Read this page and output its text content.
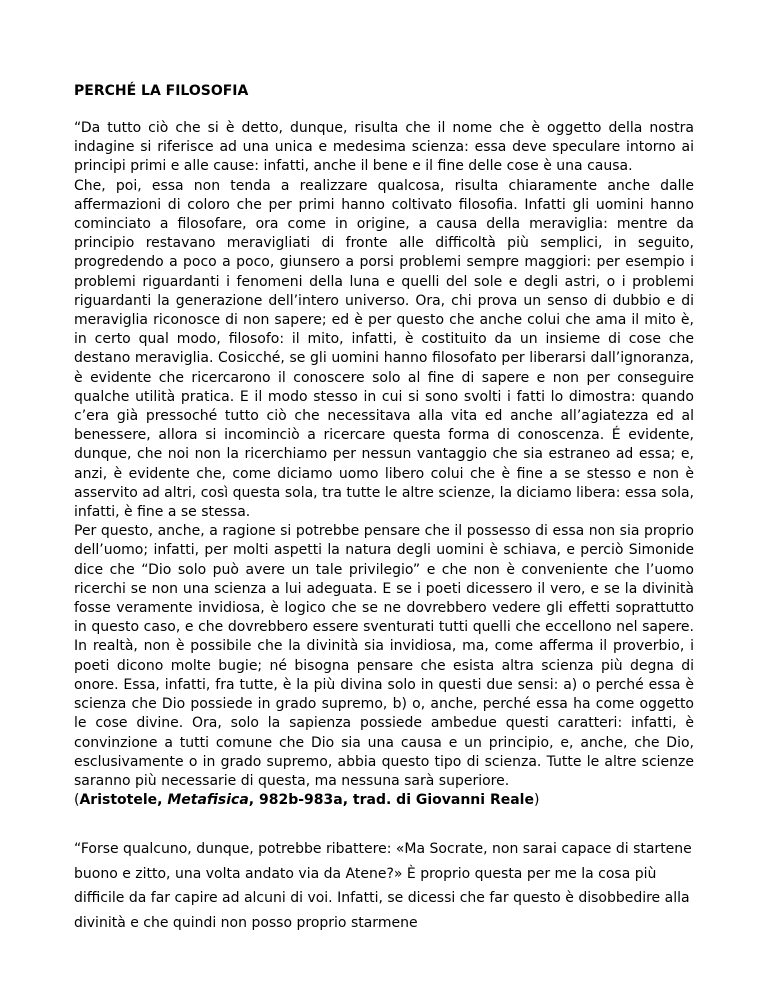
PERCHÉ LA FILOSOFIA

“Da tutto ciò che si è detto, dunque, risulta che il nome che è oggetto della nostra indagine si riferisce ad una unica e medesima scienza: essa deve speculare intorno ai principi primi e alle cause: infatti, anche il bene e il fine delle cose è una causa.

Che, poi, essa non tenda a realizzare qualcosa, risulta chiaramente anche dalle affermazioni di coloro che per primi hanno coltivato filosofia. Infatti gli uomini hanno cominciato a filosofare, ora come in origine, a causa della meraviglia: mentre da principio restavano meravigliati di fronte alle difficoltà più semplici, in seguito, progredendo a poco a poco, giunsero a porsi problemi sempre maggiori: per esempio i problemi riguardanti i fenomeni della luna e quelli del sole e degli astri, o i problemi riguardanti la generazione dell’intero universo. Ora, chi prova un senso di dubbio e di meraviglia riconosce di non sapere; ed è per questo che anche colui che ama il mito è, in certo qual modo, filosofo: il mito, infatti, è costituito da un insieme di cose che destano meraviglia. Cosicché, se gli uomini hanno filosofato per liberarsi dall’ignoranza, è evidente che ricercarono il conoscere solo al fine di sapere e non per conseguire qualche utilità pratica. E il modo stesso in cui si sono svolti i fatti lo dimostra: quando c’era già pressoché tutto ciò che necessitava alla vita ed anche all’agiatezza ed al benessere, allora si incominciò a ricercare questa forma di conoscenza. É evidente, dunque, che noi non la ricerchiamo per nessun vantaggio che sia estraneo ad essa; e, anzi, è evidente che, come diciamo uomo libero colui che è fine a se stesso e non è asservito ad altri, così questa sola, tra tutte le altre scienze, la diciamo libera: essa sola, infatti, è fine a se stessa.

Per questo, anche, a ragione si potrebbe pensare che il possesso di essa non sia proprio dell’uomo; infatti, per molti aspetti la natura degli uomini è schiava, e perciò Simonide dice che “Dio solo può avere un tale privilegio” e che non è conveniente che l’uomo ricerchi se non una scienza a lui adeguata. E se i poeti dicessero il vero, e se la divinità fosse veramente invidiosa, è logico che se ne dovrebbero vedere gli effetti soprattutto in questo caso, e che dovrebbero essere sventurati tutti quelli che eccellono nel sapere. In realtà, non è possibile che la divinità sia invidiosa, ma, come afferma il proverbio, i poeti dicono molte bugie; né bisogna pensare che esista altra scienza più degna di onore. Essa, infatti, fra tutte, è la più divina solo in questi due sensi: a) o perché essa è scienza che Dio possiede in grado supremo, b) o, anche, perché essa ha come oggetto le cose divine. Ora, solo la sapienza possiede ambedue questi caratteri: infatti, è convinzione a tutti comune che Dio sia una causa e un principio, e, anche, che Dio, esclusivamente o in grado supremo, abbia questo tipo di scienza. Tutte le altre scienze saranno più necessarie di questa, ma nessuna sarà superiore.

(Aristotele, Metafisica, 982b-983a, trad. di Giovanni Reale)

“Forse qualcuno, dunque, potrebbe ribattere: «Ma Socrate, non sarai capace di startene buono e zitto, una volta andato via da Atene?» È proprio questa per me la cosa più difficile da far capire ad alcuni di voi. Infatti, se dicessi che far questo è disobbedire alla divinità e che quindi non posso proprio starmene
